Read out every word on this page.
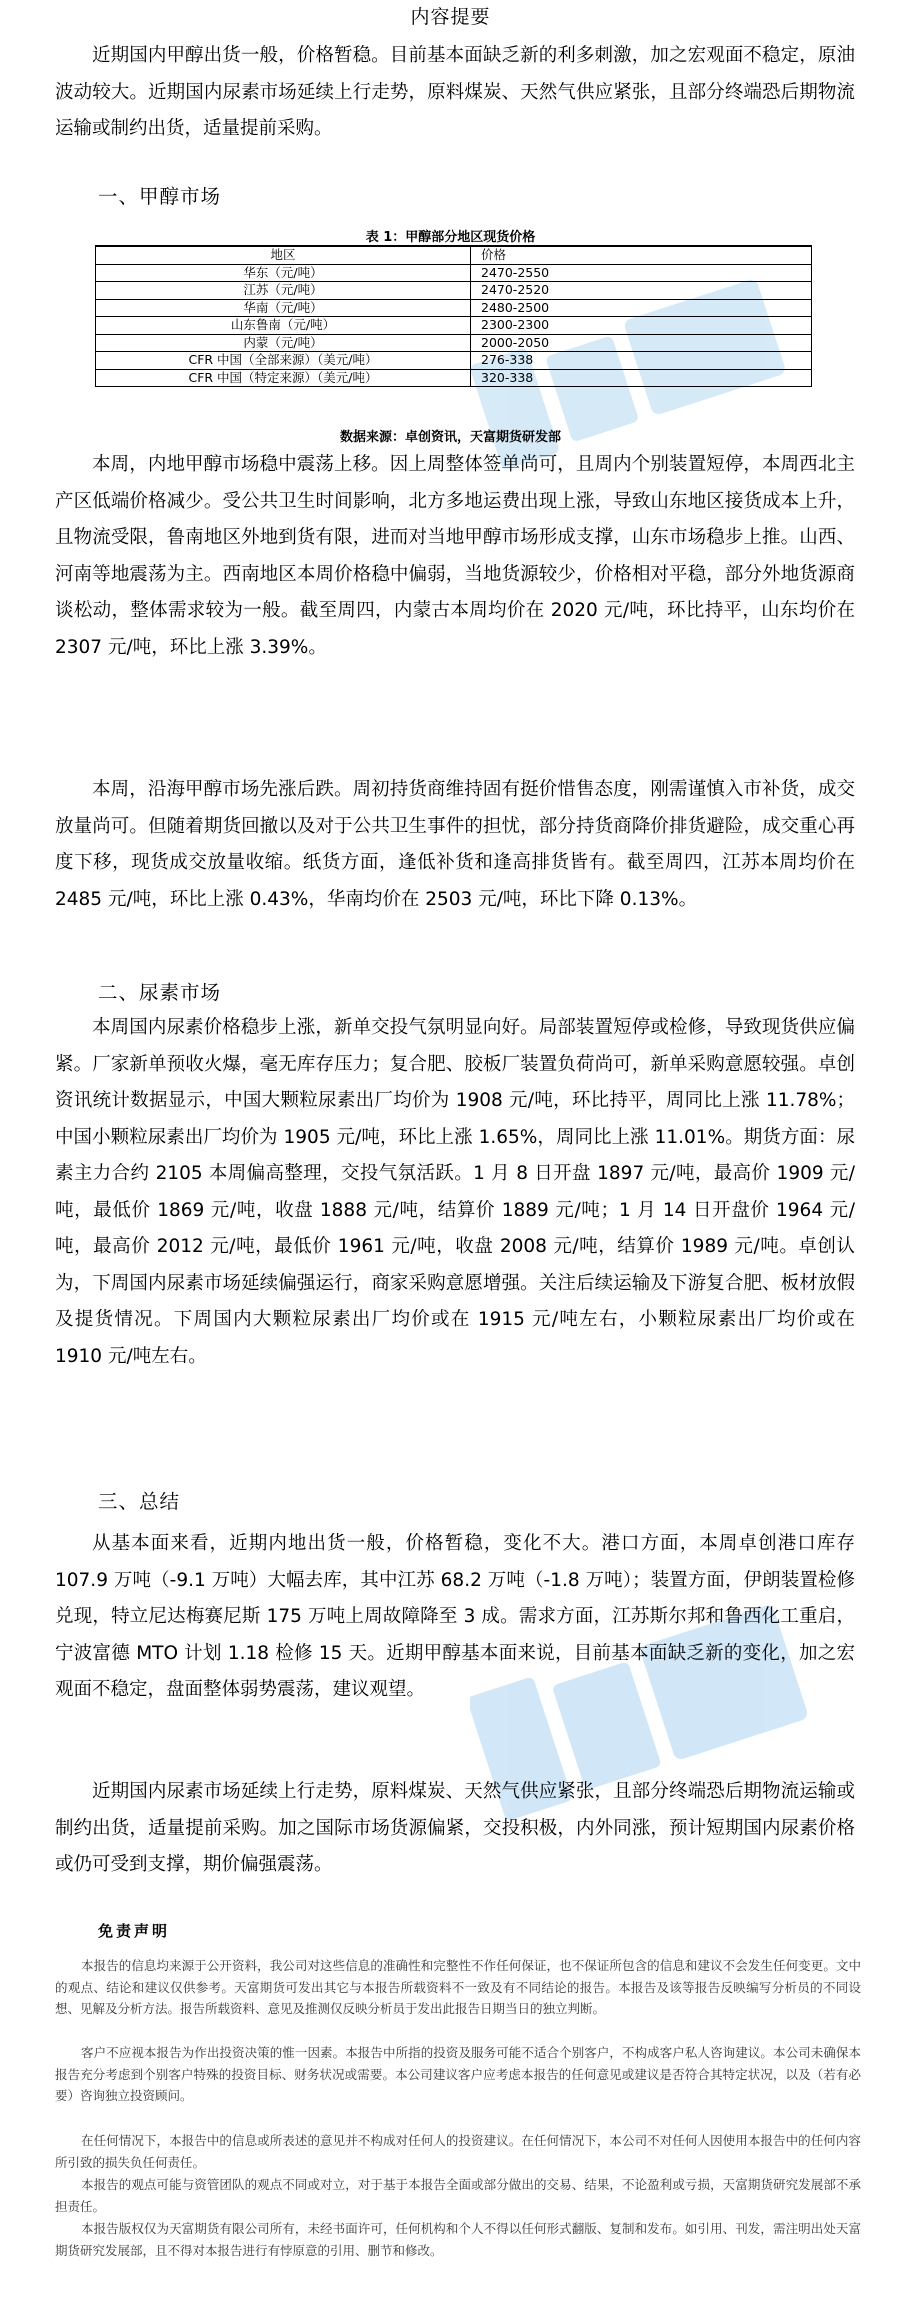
内容提要

近期国内甲醇出货一般，价格暂稳。目前基本面缺乏新的利多刺激，加之宏观面不稳定，原油波动较大。近期国内尿素市场延续上行走势，原料煤炭、天然气供应紧张，且部分终端恐后期物流运输或制约出货，适量提前采购。

一、甲醇市场
表 1：甲醇部分地区现货价格
地区	价格
华东（元/吨）	2470-2550
江苏（元/吨）	2470-2520
华南（元/吨）	2480-2500
山东鲁南（元/吨）	2300-2300
内蒙（元/吨）	2000-2050
CFR 中国（全部来源）（美元/吨）	276-338
CFR 中国（特定来源）（美元/吨）	320-338
数据来源：卓创资讯，天富期货研发部

本周，内地甲醇市场稳中震荡上移。因上周整体签单尚可，且周内个别装置短停，本周西北主产区低端价格减少。受公共卫生时间影响，北方多地运费出现上涨，导致山东地区接货成本上升，且物流受限，鲁南地区外地到货有限，进而对当地甲醇市场形成支撑，山东市场稳步上推。山西、河南等地震荡为主。西南地区本周价格稳中偏弱，当地货源较少，价格相对平稳，部分外地货源商谈松动，整体需求较为一般。截至周四，内蒙古本周均价在 2020 元/吨，环比持平，山东均价在 2307 元/吨，环比上涨 3.39%。

本周，沿海甲醇市场先涨后跌。周初持货商维持固有挺价惜售态度，刚需谨慎入市补货，成交放量尚可。但随着期货回撤以及对于公共卫生事件的担忧，部分持货商降价排货避险，成交重心再度下移，现货成交放量收缩。纸货方面，逢低补货和逢高排货皆有。截至周四，江苏本周均价在 2485 元/吨，环比上涨 0.43%，华南均价在 2503 元/吨，环比下降 0.13%。

二、尿素市场

本周国内尿素价格稳步上涨，新单交投气氛明显向好。局部装置短停或检修，导致现货供应偏紧。厂家新单预收火爆，毫无库存压力；复合肥、胶板厂装置负荷尚可，新单采购意愿较强。卓创资讯统计数据显示，中国大颗粒尿素出厂均价为 1908 元/吨，环比持平，周同比上涨 11.78%；中国小颗粒尿素出厂均价为 1905 元/吨，环比上涨 1.65%，周同比上涨 11.01%。期货方面：尿素主力合约 2105 本周偏高整理，交投气氛活跃。1 月 8 日开盘 1897 元/吨，最高价 1909 元/吨，最低价 1869 元/吨，收盘 1888 元/吨，结算价 1889 元/吨；1 月 14 日开盘价 1964 元/吨，最高价 2012 元/吨，最低价 1961 元/吨，收盘 2008 元/吨，结算价 1989 元/吨。卓创认为，下周国内尿素市场延续偏强运行，商家采购意愿增强。关注后续运输及下游复合肥、板材放假及提货情况。下周国内大颗粒尿素出厂均价或在 1915 元/吨左右，小颗粒尿素出厂均价或在 1910 元/吨左右。

三、总结

从基本面来看，近期内地出货一般，价格暂稳，变化不大。港口方面，本周卓创港口库存 107.9 万吨（-9.1 万吨）大幅去库，其中江苏 68.2 万吨（-1.8 万吨）；装置方面，伊朗装置检修兑现，特立尼达梅赛尼斯 175 万吨上周故障降至 3 成。需求方面，江苏斯尔邦和鲁西化工重启，宁波富德 MTO 计划 1.18 检修 15 天。近期甲醇基本面来说，目前基本面缺乏新的变化，加之宏观面不稳定，盘面整体弱势震荡，建议观望。

近期国内尿素市场延续上行走势，原料煤炭、天然气供应紧张，且部分终端恐后期物流运输或制约出货，适量提前采购。加之国际市场货源偏紧，交投积极，内外同涨，预计短期国内尿素价格或仍可受到支撑，期价偏强震荡。

免责声明

本报告的信息均来源于公开资料，我公司对这些信息的准确性和完整性不作任何保证，也不保证所包含的信息和建议不会发生任何变更。文中的观点、结论和建议仅供参考。天富期货可发出其它与本报告所载资料不一致及有不同结论的报告。本报告及该等报告反映编写分析员的不同设想、见解及分析方法。报告所载资料、意见及推测仅反映分析员于发出此报告日期当日的独立判断。

客户不应视本报告为作出投资决策的惟一因素。本报告中所指的投资及服务可能不适合个别客户，不构成客户私人咨询建议。本公司未确保本报告充分考虑到个别客户特殊的投资目标、财务状况或需要。本公司建议客户应考虑本报告的任何意见或建议是否符合其特定状况，以及（若有必要）咨询独立投资顾问。

在任何情况下，本报告中的信息或所表述的意见并不构成对任何人的投资建议。在任何情况下，本公司不对任何人因使用本报告中的任何内容所引致的损失负任何责任。

本报告的观点可能与资管团队的观点不同或对立，对于基于本报告全面或部分做出的交易、结果，不论盈利或亏损，天富期货研究发展部不承担责任。

本报告版权仅为天富期货有限公司所有，未经书面许可，任何机构和个人不得以任何形式翻版、复制和发布。如引用、刊发，需注明出处天富期货研究发展部，且不得对本报告进行有悖原意的引用、删节和修改。
